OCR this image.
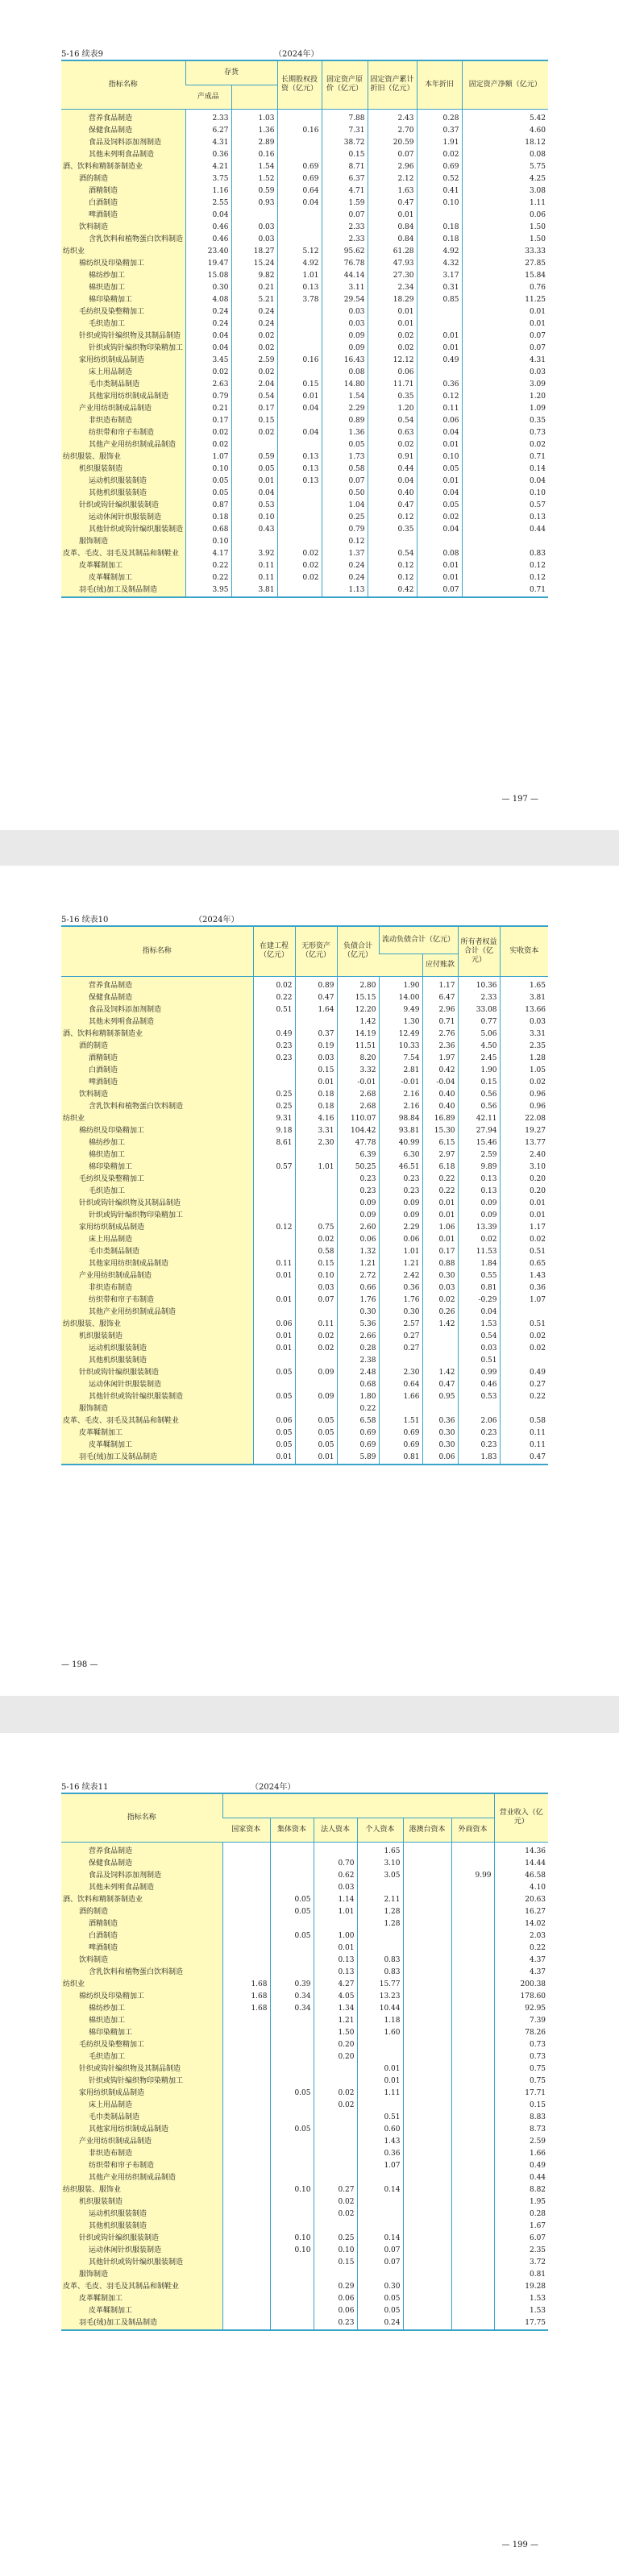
5-16 续表9	（2024年）
指标名称	存货		长期股权投资（亿元）	固定资产原价（亿元）	固定资产累计折旧（亿元）	本年折旧	固定资产净额（亿元）
	产成品						
营养食品制造	2.33	1.03		7.88	2.43	0.28	5.42
保健食品制造	6.27	1.36	0.16	7.31	2.70	0.37	4.60
食品及饲料添加剂制造	4.31	2.89		38.72	20.59	1.91	18.12
其他未列明食品制造	0.36	0.16		0.15	0.07	0.02	0.08
酒、饮料和精制茶制造业	4.21	1.54	0.69	8.71	2.96	0.69	5.75
酒的制造	3.75	1.52	0.69	6.37	2.12	0.52	4.25
酒精制造	1.16	0.59	0.64	4.71	1.63	0.41	3.08
白酒制造	2.55	0.93	0.04	1.59	0.47	0.10	1.11
啤酒制造	0.04			0.07	0.01		0.06
饮料制造	0.46	0.03		2.33	0.84	0.18	1.50
含乳饮料和植物蛋白饮料制造	0.46	0.03		2.33	0.84	0.18	1.50
纺织业	23.40	18.27	5.12	95.62	61.28	4.92	33.33
棉纺织及印染精加工	19.47	15.24	4.92	76.78	47.93	4.32	27.85
棉纺纱加工	15.08	9.82	1.01	44.14	27.30	3.17	15.84
棉织造加工	0.30	0.21	0.13	3.11	2.34	0.31	0.76
棉印染精加工	4.08	5.21	3.78	29.54	18.29	0.85	11.25
毛纺织及染整精加工	0.24	0.24		0.03	0.01		0.01
毛织造加工	0.24	0.24		0.03	0.01		0.01
针织或钩针编织物及其制品制造	0.04	0.02		0.09	0.02	0.01	0.07
针织或钩针编织物印染精加工	0.04	0.02		0.09	0.02	0.01	0.07
家用纺织制成品制造	3.45	2.59	0.16	16.43	12.12	0.49	4.31
床上用品制造	0.02	0.02		0.08	0.06		0.03
毛巾类制品制造	2.63	2.04	0.15	14.80	11.71	0.36	3.09
其他家用纺织制成品制造	0.79	0.54	0.01	1.54	0.35	0.12	1.20
产业用纺织制成品制造	0.21	0.17	0.04	2.29	1.20	0.11	1.09
非织造布制造	0.17	0.15		0.89	0.54	0.06	0.35
纺织带和帘子布制造	0.02	0.02	0.04	1.36	0.63	0.04	0.73
其他产业用纺织制成品制造	0.02			0.05	0.02	0.01	0.02
纺织服装、服饰业	1.07	0.59	0.13	1.73	0.91	0.10	0.71
机织服装制造	0.10	0.05	0.13	0.58	0.44	0.05	0.14
运动机织服装制造	0.05	0.01	0.13	0.07	0.04	0.01	0.04
其他机织服装制造	0.05	0.04		0.50	0.40	0.04	0.10
针织或钩针编织服装制造	0.87	0.53		1.04	0.47	0.05	0.57
运动休闲针织服装制造	0.18	0.10		0.25	0.12	0.02	0.13
其他针织或钩针编织服装制造	0.68	0.43		0.79	0.35	0.04	0.44
服饰制造	0.10			0.12			
皮革、毛皮、羽毛及其制品和制鞋业	4.17	3.92	0.02	1.37	0.54	0.08	0.83
皮革鞣制加工	0.22	0.11	0.02	0.24	0.12	0.01	0.12
皮革鞣制加工	0.22	0.11	0.02	0.24	0.12	0.01	0.12
羽毛(绒)加工及制品制造	3.95	3.81		1.13	0.42	0.07	0.71
— 197 —
5-16 续表10	（2024年）
指标名称	在建工程（亿元）	无形资产（亿元）	负债合计（亿元）	流动负债合计（亿元）		所有者权益合计（亿元）	实收资本
					应付账款		
营养食品制造	0.02	0.89	2.80	1.90	1.17	10.36	1.65
保健食品制造	0.22	0.47	15.15	14.00	6.47	2.33	3.81
食品及饲料添加剂制造	0.51	1.64	12.20	9.49	2.96	33.08	13.66
其他未列明食品制造			1.42	1.30	0.71	0.77	0.03
酒、饮料和精制茶制造业	0.49	0.37	14.19	12.49	2.76	5.06	3.31
酒的制造	0.23	0.19	11.51	10.33	2.36	4.50	2.35
酒精制造	0.23	0.03	8.20	7.54	1.97	2.45	1.28
白酒制造		0.15	3.32	2.81	0.42	1.90	1.05
啤酒制造		0.01	-0.01	-0.01	-0.04	0.15	0.02
饮料制造	0.25	0.18	2.68	2.16	0.40	0.56	0.96
含乳饮料和植物蛋白饮料制造	0.25	0.18	2.68	2.16	0.40	0.56	0.96
纺织业	9.31	4.16	110.07	98.84	16.89	42.11	22.08
棉纺织及印染精加工	9.18	3.31	104.42	93.81	15.30	27.94	19.27
棉纺纱加工	8.61	2.30	47.78	40.99	6.15	15.46	13.77
棉织造加工			6.39	6.30	2.97	2.59	2.40
棉印染精加工	0.57	1.01	50.25	46.51	6.18	9.89	3.10
毛纺织及染整精加工			0.23	0.23	0.22	0.13	0.20
毛织造加工			0.23	0.23	0.22	0.13	0.20
针织或钩针编织物及其制品制造			0.09	0.09	0.01	0.09	0.01
针织或钩针编织物印染精加工			0.09	0.09	0.01	0.09	0.01
家用纺织制成品制造	0.12	0.75	2.60	2.29	1.06	13.39	1.17
床上用品制造		0.02	0.06	0.06	0.01	0.02	0.02
毛巾类制品制造		0.58	1.32	1.01	0.17	11.53	0.51
其他家用纺织制成品制造	0.11	0.15	1.21	1.21	0.88	1.84	0.65
产业用纺织制成品制造	0.01	0.10	2.72	2.42	0.30	0.55	1.43
非织造布制造		0.03	0.66	0.36	0.03	0.81	0.36
纺织带和帘子布制造	0.01	0.07	1.76	1.76	0.02	-0.29	1.07
其他产业用纺织制成品制造			0.30	0.30	0.26	0.04	
纺织服装、服饰业	0.06	0.11	5.36	2.57	1.42	1.53	0.51
机织服装制造	0.01	0.02	2.66	0.27		0.54	0.02
运动机织服装制造	0.01	0.02	0.28	0.27		0.03	0.02
其他机织服装制造			2.38			0.51	
针织或钩针编织服装制造	0.05	0.09	2.48	2.30	1.42	0.99	0.49
运动休闲针织服装制造			0.68	0.64	0.47	0.46	0.27
其他针织或钩针编织服装制造	0.05	0.09	1.80	1.66	0.95	0.53	0.22
服饰制造			0.22				
皮革、毛皮、羽毛及其制品和制鞋业	0.06	0.05	6.58	1.51	0.36	2.06	0.58
皮革鞣制加工	0.05	0.05	0.69	0.69	0.30	0.23	0.11
皮革鞣制加工	0.05	0.05	0.69	0.69	0.30	0.23	0.11
羽毛(绒)加工及制品制造	0.01	0.01	5.89	0.81	0.06	1.83	0.47
— 198 —
5-16 续表11	（2024年）
指标名称							营业收入（亿元）
	国家资本	集体资本	法人资本	个人资本	港澳台资本	外商资本	
营养食品制造				1.65			14.36
保健食品制造			0.70	3.10			14.44
食品及饲料添加剂制造			0.62	3.05		9.99	46.58
其他未列明食品制造			0.03				4.10
酒、饮料和精制茶制造业		0.05	1.14	2.11			20.63
酒的制造		0.05	1.01	1.28			16.27
酒精制造				1.28			14.02
白酒制造		0.05	1.00				2.03
啤酒制造			0.01				0.22
饮料制造			0.13	0.83			4.37
含乳饮料和植物蛋白饮料制造			0.13	0.83			4.37
纺织业	1.68	0.39	4.27	15.77			200.38
棉纺织及印染精加工	1.68	0.34	4.05	13.23			178.60
棉纺纱加工	1.68	0.34	1.34	10.44			92.95
棉织造加工			1.21	1.18			7.39
棉印染精加工			1.50	1.60			78.26
毛纺织及染整精加工			0.20				0.73
毛织造加工			0.20				0.73
针织或钩针编织物及其制品制造				0.01			0.75
针织或钩针编织物印染精加工				0.01			0.75
家用纺织制成品制造		0.05	0.02	1.11			17.71
床上用品制造			0.02				0.15
毛巾类制品制造				0.51			8.83
其他家用纺织制成品制造		0.05		0.60			8.73
产业用纺织制成品制造				1.43			2.59
非织造布制造				0.36			1.66
纺织带和帘子布制造				1.07			0.49
其他产业用纺织制成品制造							0.44
纺织服装、服饰业		0.10	0.27	0.14			8.82
机织服装制造			0.02				1.95
运动机织服装制造			0.02				0.28
其他机织服装制造							1.67
针织或钩针编织服装制造		0.10	0.25	0.14			6.07
运动休闲针织服装制造		0.10	0.10	0.07			2.35
其他针织或钩针编织服装制造			0.15	0.07			3.72
服饰制造							0.81
皮革、毛皮、羽毛及其制品和制鞋业			0.29	0.30			19.28
皮革鞣制加工			0.06	0.05			1.53
皮革鞣制加工			0.06	0.05			1.53
羽毛(绒)加工及制品制造			0.23	0.24			17.75
— 199 —
